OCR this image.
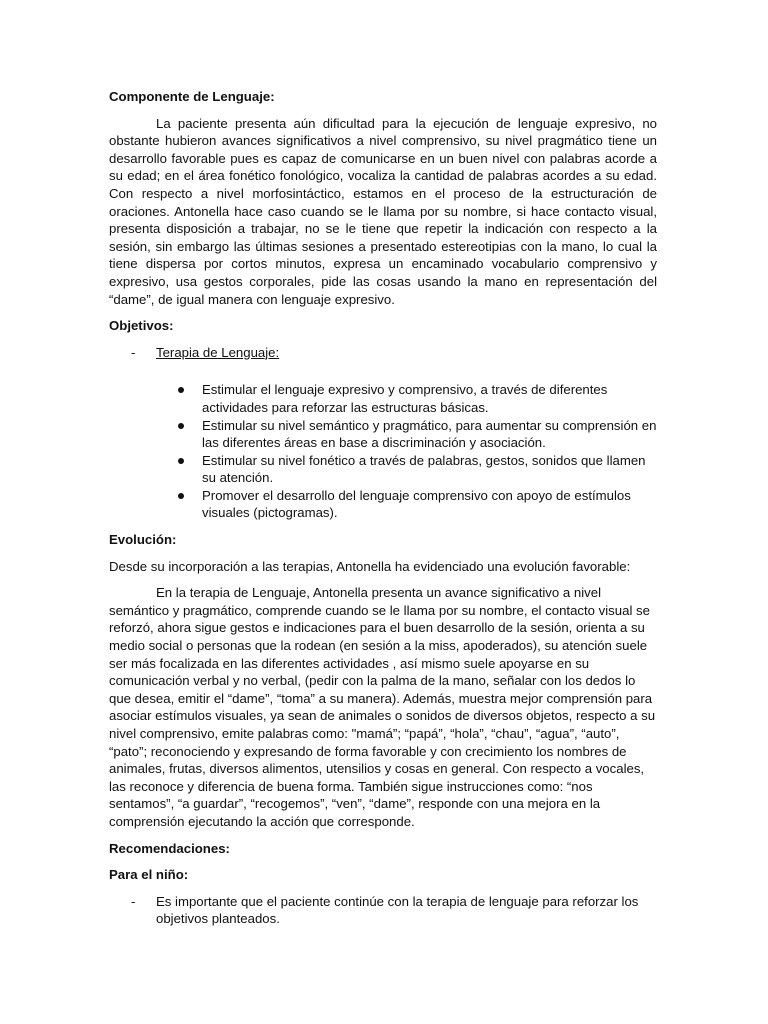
Componente de Lenguaje:

La paciente presenta aún dificultad para la ejecución de lenguaje expresivo, no obstante hubieron avances significativos a nivel comprensivo, su nivel pragmático tiene un desarrollo favorable pues es capaz de comunicarse en un buen nivel con palabras acorde a su edad; en el área fonético fonológico, vocaliza la cantidad de palabras acordes a su edad. Con respecto a nivel morfosintáctico, estamos en el proceso de la estructuración de oraciones. Antonella hace caso cuando se le llama por su nombre, si hace contacto visual, presenta disposición a trabajar, no se le tiene que repetir la indicación con respecto a la sesión, sin embargo las últimas sesiones a presentado estereotipias con la mano, lo cual la tiene dispersa por cortos minutos, expresa un encaminado vocabulario comprensivo y expresivo, usa gestos corporales, pide las cosas usando la mano en representación del “dame”, de igual manera con lenguaje expresivo.

Objetivos:
- Terapia de Lenguaje:
Estimular el lenguaje expresivo y comprensivo, a través de diferentes actividades para reforzar las estructuras básicas.
Estimular su nivel semántico y pragmático, para aumentar su comprensión en las diferentes áreas en base a discriminación y asociación.
Estimular su nivel fonético a través de palabras, gestos, sonidos que llamen su atención.
Promover el desarrollo del lenguaje comprensivo con apoyo de estímulos visuales (pictogramas).
Evolución:

Desde su incorporación a las terapias, Antonella ha evidenciado una evolución favorable:

En la terapia de Lenguaje, Antonella presenta un avance significativo a nivel semántico y pragmático, comprende cuando se le llama por su nombre, el contacto visual se reforzó, ahora sigue gestos e indicaciones para el buen desarrollo de la sesión, orienta a su medio social o personas que la rodean (en sesión a la miss, apoderados), su atención suele ser más focalizada en las diferentes actividades , así mismo suele apoyarse en su comunicación verbal y no verbal, (pedir con la palma de la mano, señalar con los dedos lo que desea, emitir el “dame”, “toma” a su manera). Además, muestra mejor comprensión para asociar estímulos visuales, ya sean de animales o sonidos de diversos objetos, respecto a su nivel comprensivo, emite palabras como: "mamá”; “papá”, “hola”, “chau”, “agua”, “auto”, “pato”; reconociendo y expresando de forma favorable y con crecimiento los nombres de animales, frutas, diversos alimentos, utensilios y cosas en general. Con respecto a vocales, las reconoce y diferencia de buena forma. También sigue instrucciones como: “nos sentamos”, “a guardar”, “recogemos”, “ven”, “dame”, responde con una mejora en la comprensión ejecutando la acción que corresponde.

Recomendaciones:
Para el niño:
- Es importante que el paciente continúe con la terapia de lenguaje para reforzar los objetivos planteados.
